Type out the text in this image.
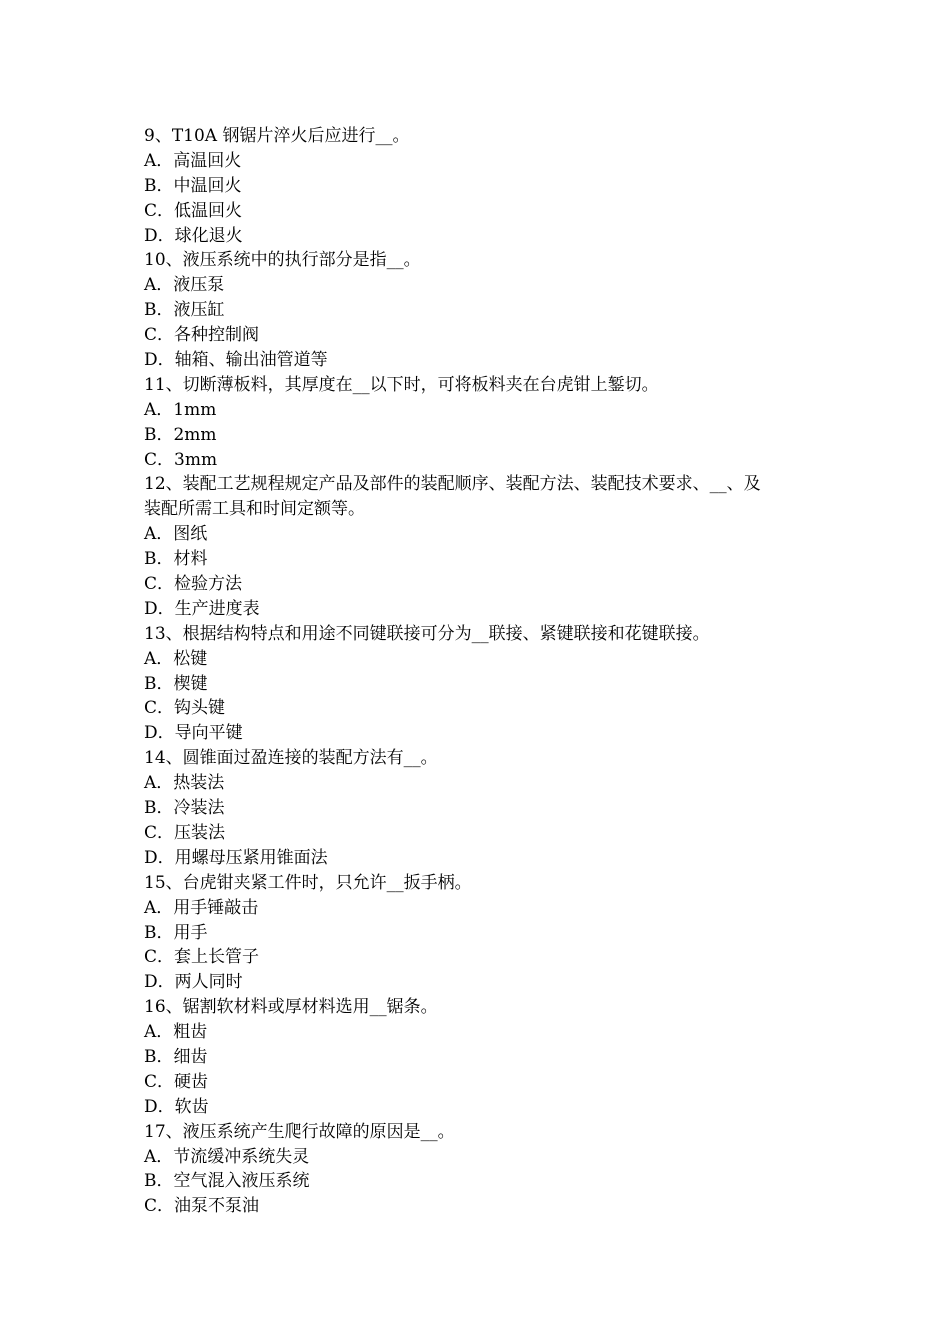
9、T10A 钢锯片淬火后应进行__。
A．高温回火
B．中温回火
C．低温回火
D．球化退火
10、液压系统中的执行部分是指__。
A．液压泵
B．液压缸
C．各种控制阀
D．轴箱、输出油管道等
11、切断薄板料，其厚度在__以下时，可将板料夹在台虎钳上錾切。
A．1mm
B．2mm
C．3mm
12、装配工艺规程规定产品及部件的装配顺序、装配方法、装配技术要求、__、及
装配所需工具和时间定额等。
A．图纸
B．材料
C．检验方法
D．生产进度表
13、根据结构特点和用途不同键联接可分为__联接、紧键联接和花键联接。
A．松键
B．楔键
C．钩头键
D．导向平键
14、圆锥面过盈连接的装配方法有__。
A．热装法
B．冷装法
C．压装法
D．用螺母压紧用锥面法
15、台虎钳夹紧工件时，只允许__扳手柄。
A．用手锤敲击
B．用手
C．套上长管子
D．两人同时
16、锯割软材料或厚材料选用__锯条。
A．粗齿
B．细齿
C．硬齿
D．软齿
17、液压系统产生爬行故障的原因是__。
A．节流缓冲系统失灵
B．空气混入液压系统
C．油泵不泵油
